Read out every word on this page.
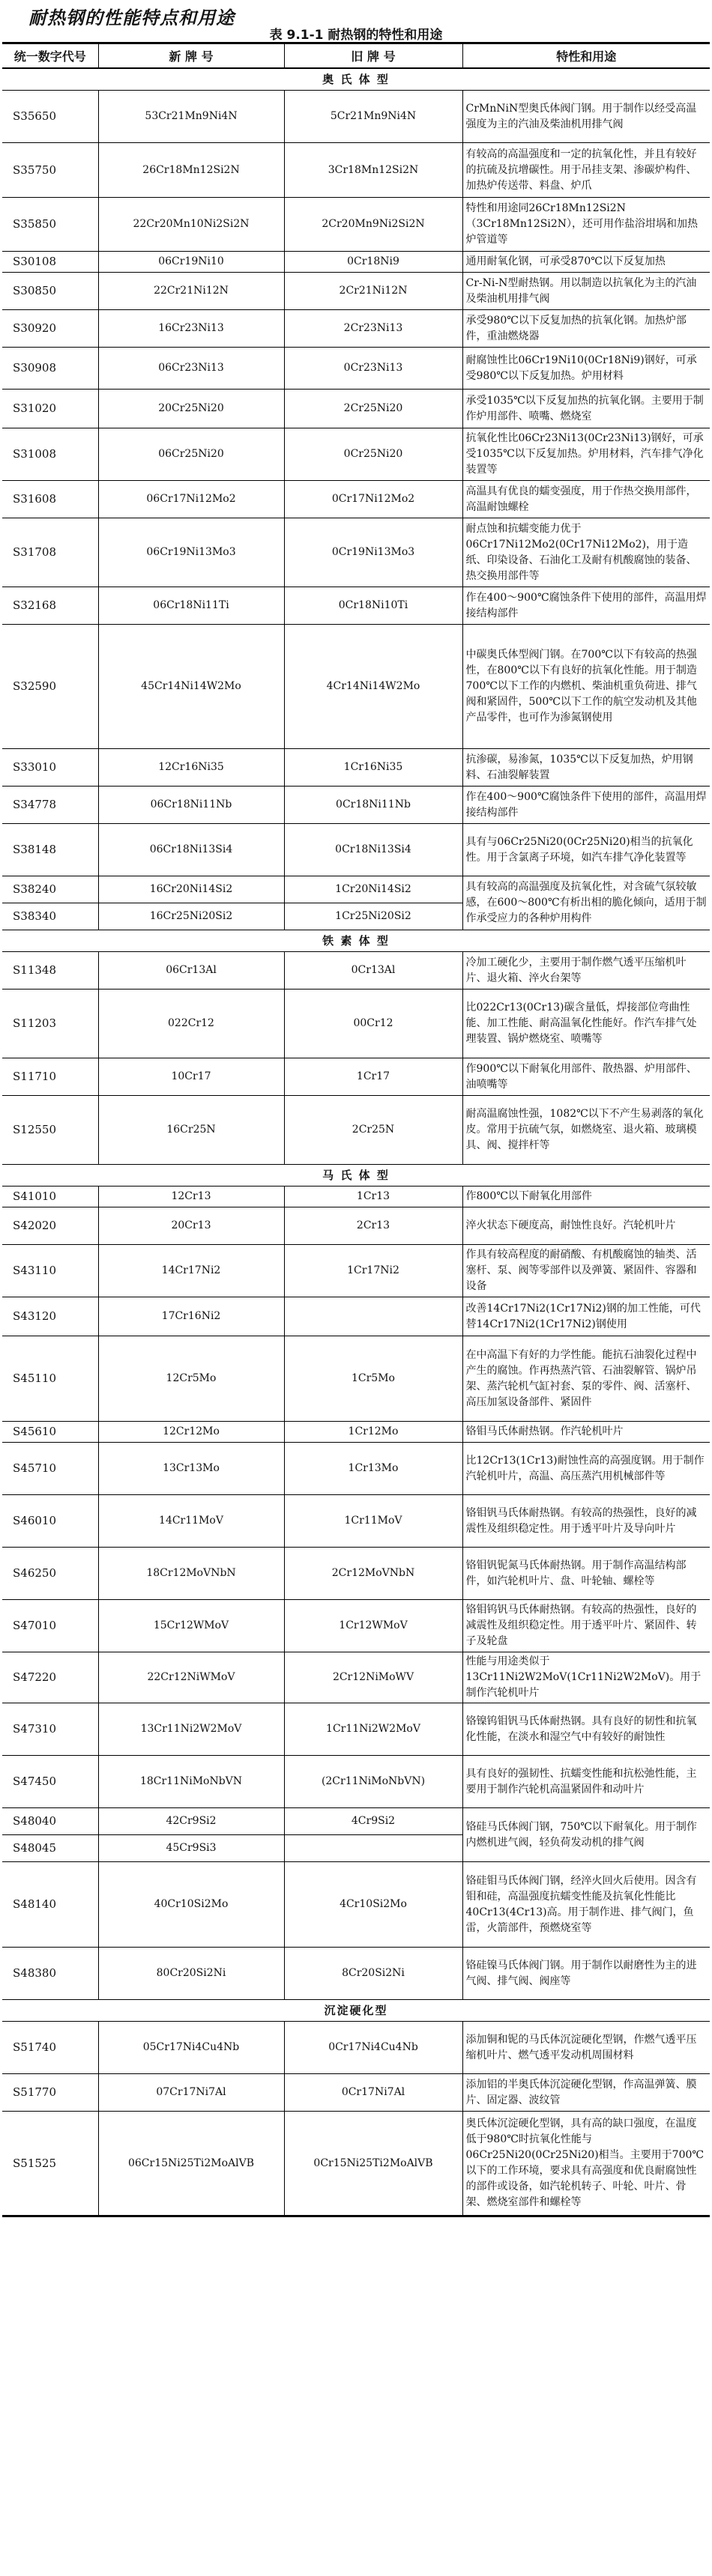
耐热钢的性能特点和用途
表 9.1-1 耐热钢的特性和用途
统一数字代号	新 牌 号	旧 牌 号	特性和用途
奥 氏 体 型			
S35650	53Cr21Mn9Ni4N	5Cr21Mn9Ni4N	CrMnNiN型奥氏体阀门钢。用于制作以经受高温强度为主的汽油及柴油机用排气阀
S35750	26Cr18Mn12Si2N	3Cr18Mn12Si2N	有较高的高温强度和一定的抗氧化性，并且有较好的抗硫及抗增碳性。用于吊挂支架、渗碳炉构件、加热炉传送带、料盘、炉爪
S35850	22Cr20Mn10Ni2Si2N	2Cr20Mn9Ni2Si2N	特性和用途同26Cr18Mn12Si2N（3Cr18Mn12Si2N），还可用作盐浴坩埚和加热炉管道等
S30108	06Cr19Ni10	0Cr18Ni9	通用耐氧化钢，可承受870℃以下反复加热
S30850	22Cr21Ni12N	2Cr21Ni12N	Cr-Ni-N型耐热钢。用以制造以抗氧化为主的汽油及柴油机用排气阀
S30920	16Cr23Ni13	2Cr23Ni13	承受980℃以下反复加热的抗氧化钢。加热炉部件，重油燃烧器
S30908	06Cr23Ni13	0Cr23Ni13	耐腐蚀性比06Cr19Ni10(0Cr18Ni9)钢好，可承受980℃以下反复加热。炉用材料
S31020	20Cr25Ni20	2Cr25Ni20	承受1035℃以下反复加热的抗氧化钢。主要用于制作炉用部件、喷嘴、燃烧室
S31008	06Cr25Ni20	0Cr25Ni20	抗氧化性比06Cr23Ni13(0Cr23Ni13)钢好，可承受1035℃以下反复加热。炉用材料，汽车排气净化装置等
S31608	06Cr17Ni12Mo2	0Cr17Ni12Mo2	高温具有优良的蠕变强度，用于作热交换用部件，高温耐蚀螺栓
S31708	06Cr19Ni13Mo3	0Cr19Ni13Mo3	耐点蚀和抗蠕变能力优于06Cr17Ni12Mo2(0Cr17Ni12Mo2)，用于造纸、印染设备、石油化工及耐有机酸腐蚀的装备、热交换用部件等
S32168	06Cr18Ni11Ti	0Cr18Ni10Ti	作在400～900℃腐蚀条件下使用的部件，高温用焊接结构部件
S32590	45Cr14Ni14W2Mo	4Cr14Ni14W2Mo	中碳奥氏体型阀门钢。在700℃以下有较高的热强性，在800℃以下有良好的抗氧化性能。用于制造700℃以下工作的内燃机、柴油机重负荷进、排气阀和紧固件，500℃以下工作的航空发动机及其他产品零件，也可作为渗氮钢使用
S33010	12Cr16Ni35	1Cr16Ni35	抗渗碳，易渗氮，1035℃以下反复加热，炉用钢料、石油裂解装置
S34778	06Cr18Ni11Nb	0Cr18Ni11Nb	作在400～900℃腐蚀条件下使用的部件，高温用焊接结构部件
S38148	06Cr18Ni13Si4	0Cr18Ni13Si4	具有与06Cr25Ni20(0Cr25Ni20)相当的抗氧化性。用于含氯离子环境，如汽车排气净化装置等
S38240	16Cr20Ni14Si2	1Cr20Ni14Si2	具有较高的高温强度及抗氧化性，对含硫气氛较敏感，在600～800℃有析出相的脆化倾向，适用于制作承受应力的各种炉用构件
S38340	16Cr25Ni20Si2	1Cr25Ni20Si2	
铁 素 体 型			
S11348	06Cr13Al	0Cr13Al	冷加工硬化少，主要用于制作燃气透平压缩机叶片、退火箱、淬火台架等
S11203	022Cr12	00Cr12	比022Cr13(0Cr13)碳含量低，焊接部位弯曲性能、加工性能、耐高温氧化性能好。作汽车排气处理装置、锅炉燃烧室、喷嘴等
S11710	10Cr17	1Cr17	作900℃以下耐氧化用部件、散热器、炉用部件、油喷嘴等
S12550	16Cr25N	2Cr25N	耐高温腐蚀性强，1082℃以下不产生易剥落的氧化皮。常用于抗硫气氛，如燃烧室、退火箱、玻璃模具、阀、搅拌杆等
马 氏 体 型			
S41010	12Cr13	1Cr13	作800℃以下耐氧化用部件
S42020	20Cr13	2Cr13	淬火状态下硬度高，耐蚀性良好。汽轮机叶片
S43110	14Cr17Ni2	1Cr17Ni2	作具有较高程度的耐硝酸、有机酸腐蚀的轴类、活塞杆、泵、阀等零部件以及弹簧、紧固件、容器和设备
S43120	17Cr16Ni2		改善14Cr17Ni2(1Cr17Ni2)钢的加工性能，可代替14Cr17Ni2(1Cr17Ni2)钢使用
S45110	12Cr5Mo	1Cr5Mo	在中高温下有好的力学性能。能抗石油裂化过程中产生的腐蚀。作再热蒸汽管、石油裂解管、锅炉吊架、蒸汽轮机气缸衬套、泵的零件、阀、活塞杆、高压加氢设备部件、紧固件
S45610	12Cr12Mo	1Cr12Mo	铬钼马氏体耐热钢。作汽轮机叶片
S45710	13Cr13Mo	1Cr13Mo	比12Cr13(1Cr13)耐蚀性高的高强度钢。用于制作汽轮机叶片，高温、高压蒸汽用机械部件等
S46010	14Cr11MoV	1Cr11MoV	铬钼钒马氏体耐热钢。有较高的热强性，良好的减震性及组织稳定性。用于透平叶片及导向叶片
S46250	18Cr12MoVNbN	2Cr12MoVNbN	铬钼钒铌氮马氏体耐热钢。用于制作高温结构部件，如汽轮机叶片、盘、叶轮轴、螺栓等
S47010	15Cr12WMoV	1Cr12WMoV	铬钼钨钒马氏体耐热钢。有较高的热强性，良好的减震性及组织稳定性。用于透平叶片、紧固件、转子及轮盘
S47220	22Cr12NiWMoV	2Cr12NiMoWV	性能与用途类似于13Cr11Ni2W2MoV(1Cr11Ni2W2MoV)。用于制作汽轮机叶片
S47310	13Cr11Ni2W2MoV	1Cr11Ni2W2MoV	铬镍钨钼钒马氏体耐热钢。具有良好的韧性和抗氧化性能，在淡水和湿空气中有较好的耐蚀性
S47450	18Cr11NiMoNbVN	(2Cr11NiMoNbVN)	具有良好的强韧性、抗蠕变性能和抗松弛性能，主要用于制作汽轮机高温紧固件和动叶片
S48040	42Cr9Si2	4Cr9Si2	铬硅马氏体阀门钢，750℃以下耐氧化。用于制作内燃机进气阀，轻负荷发动机的排气阀
S48045	45Cr9Si3		
S48140	40Cr10Si2Mo	4Cr10Si2Mo	铬硅钼马氏体阀门钢，经淬火回火后使用。因含有钼和硅，高温强度抗蠕变性能及抗氧化性能比40Cr13(4Cr13)高。用于制作进、排气阀门，鱼雷，火箭部件，预燃烧室等
S48380	80Cr20Si2Ni	8Cr20Si2Ni	铬硅镍马氏体阀门钢。用于制作以耐磨性为主的进气阀、排气阀、阀座等
沉淀硬化型			
S51740	05Cr17Ni4Cu4Nb	0Cr17Ni4Cu4Nb	添加铜和铌的马氏体沉淀硬化型钢，作燃气透平压缩机叶片、燃气透平发动机周围材料
S51770	07Cr17Ni7Al	0Cr17Ni7Al	添加铝的半奥氏体沉淀硬化型钢，作高温弹簧、膜片、固定器、波纹管
S51525	06Cr15Ni25Ti2MoAlVB	0Cr15Ni25Ti2MoAlVB	奥氏体沉淀硬化型钢，具有高的缺口强度，在温度低于980℃时抗氧化性能与06Cr25Ni20(0Cr25Ni20)相当。主要用于700℃以下的工作环境，要求具有高强度和优良耐腐蚀性的部件或设备，如汽轮机转子、叶轮、叶片、骨架、燃烧室部件和螺栓等
